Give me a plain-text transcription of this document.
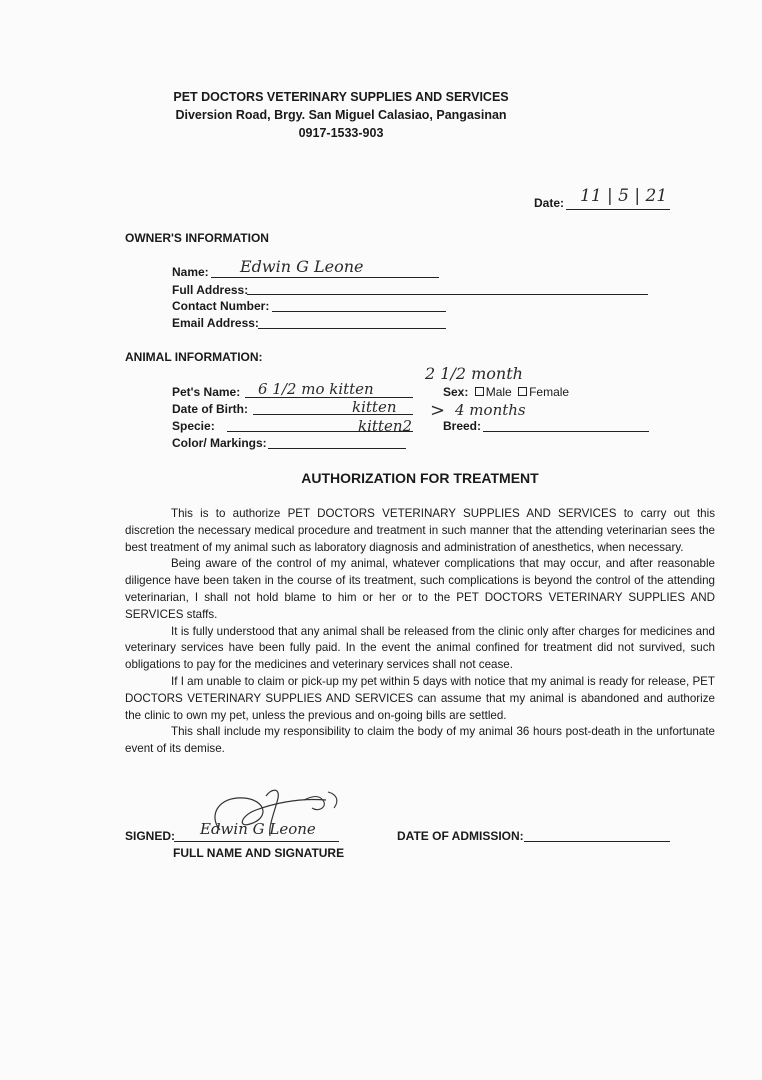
PET DOCTORS VETERINARY SUPPLIES AND SERVICES
Diversion Road, Brgy. San Miguel Calasiao, Pangasinan
0917-1533-903
Date: 11 | 5 | 21
OWNER'S INFORMATION
Name: Edwin G Leone
Full Address:
Contact Number:
Email Address:
ANIMAL INFORMATION:
Pet's Name: 6 1/2 mo kitten
2 1/2 month
Sex: Male Female
Date of Birth:	kitten > 4 months
Specie:	kitten2	Breed:
Color/ Markings:
AUTHORIZATION FOR TREATMENT

This is to authorize PET DOCTORS VETERINARY SUPPLIES AND SERVICES to carry out this discretion the necessary medical procedure and treatment in such manner that the attending veterinarian sees the best treatment of my animal such as laboratory diagnosis and administration of anesthetics, when necessary.

Being aware of the control of my animal, whatever complications that may occur, and after reasonable diligence have been taken in the course of its treatment, such complications is beyond the control of the attending veterinarian, I shall not hold blame to him or her or to the PET DOCTORS VETERINARY SUPPLIES AND SERVICES staffs.

It is fully understood that any animal shall be released from the clinic only after charges for medicines and veterinary services have been fully paid. In the event the animal confined for treatment did not survived, such obligations to pay for the medicines and veterinary services shall not cease.

If I am unable to claim or pick-up my pet within 5 days with notice that my animal is ready for release, PET DOCTORS VETERINARY SUPPLIES AND SERVICES can assume that my animal is abandoned and authorize the clinic to own my pet, unless the previous and on-going bills are settled.

This shall include my responsibility to claim the body of my animal 36 hours post-death in the unfortunate event of its demise.

SIGNED: Edwin G Leone
FULL NAME AND SIGNATURE
DATE OF ADMISSION:
